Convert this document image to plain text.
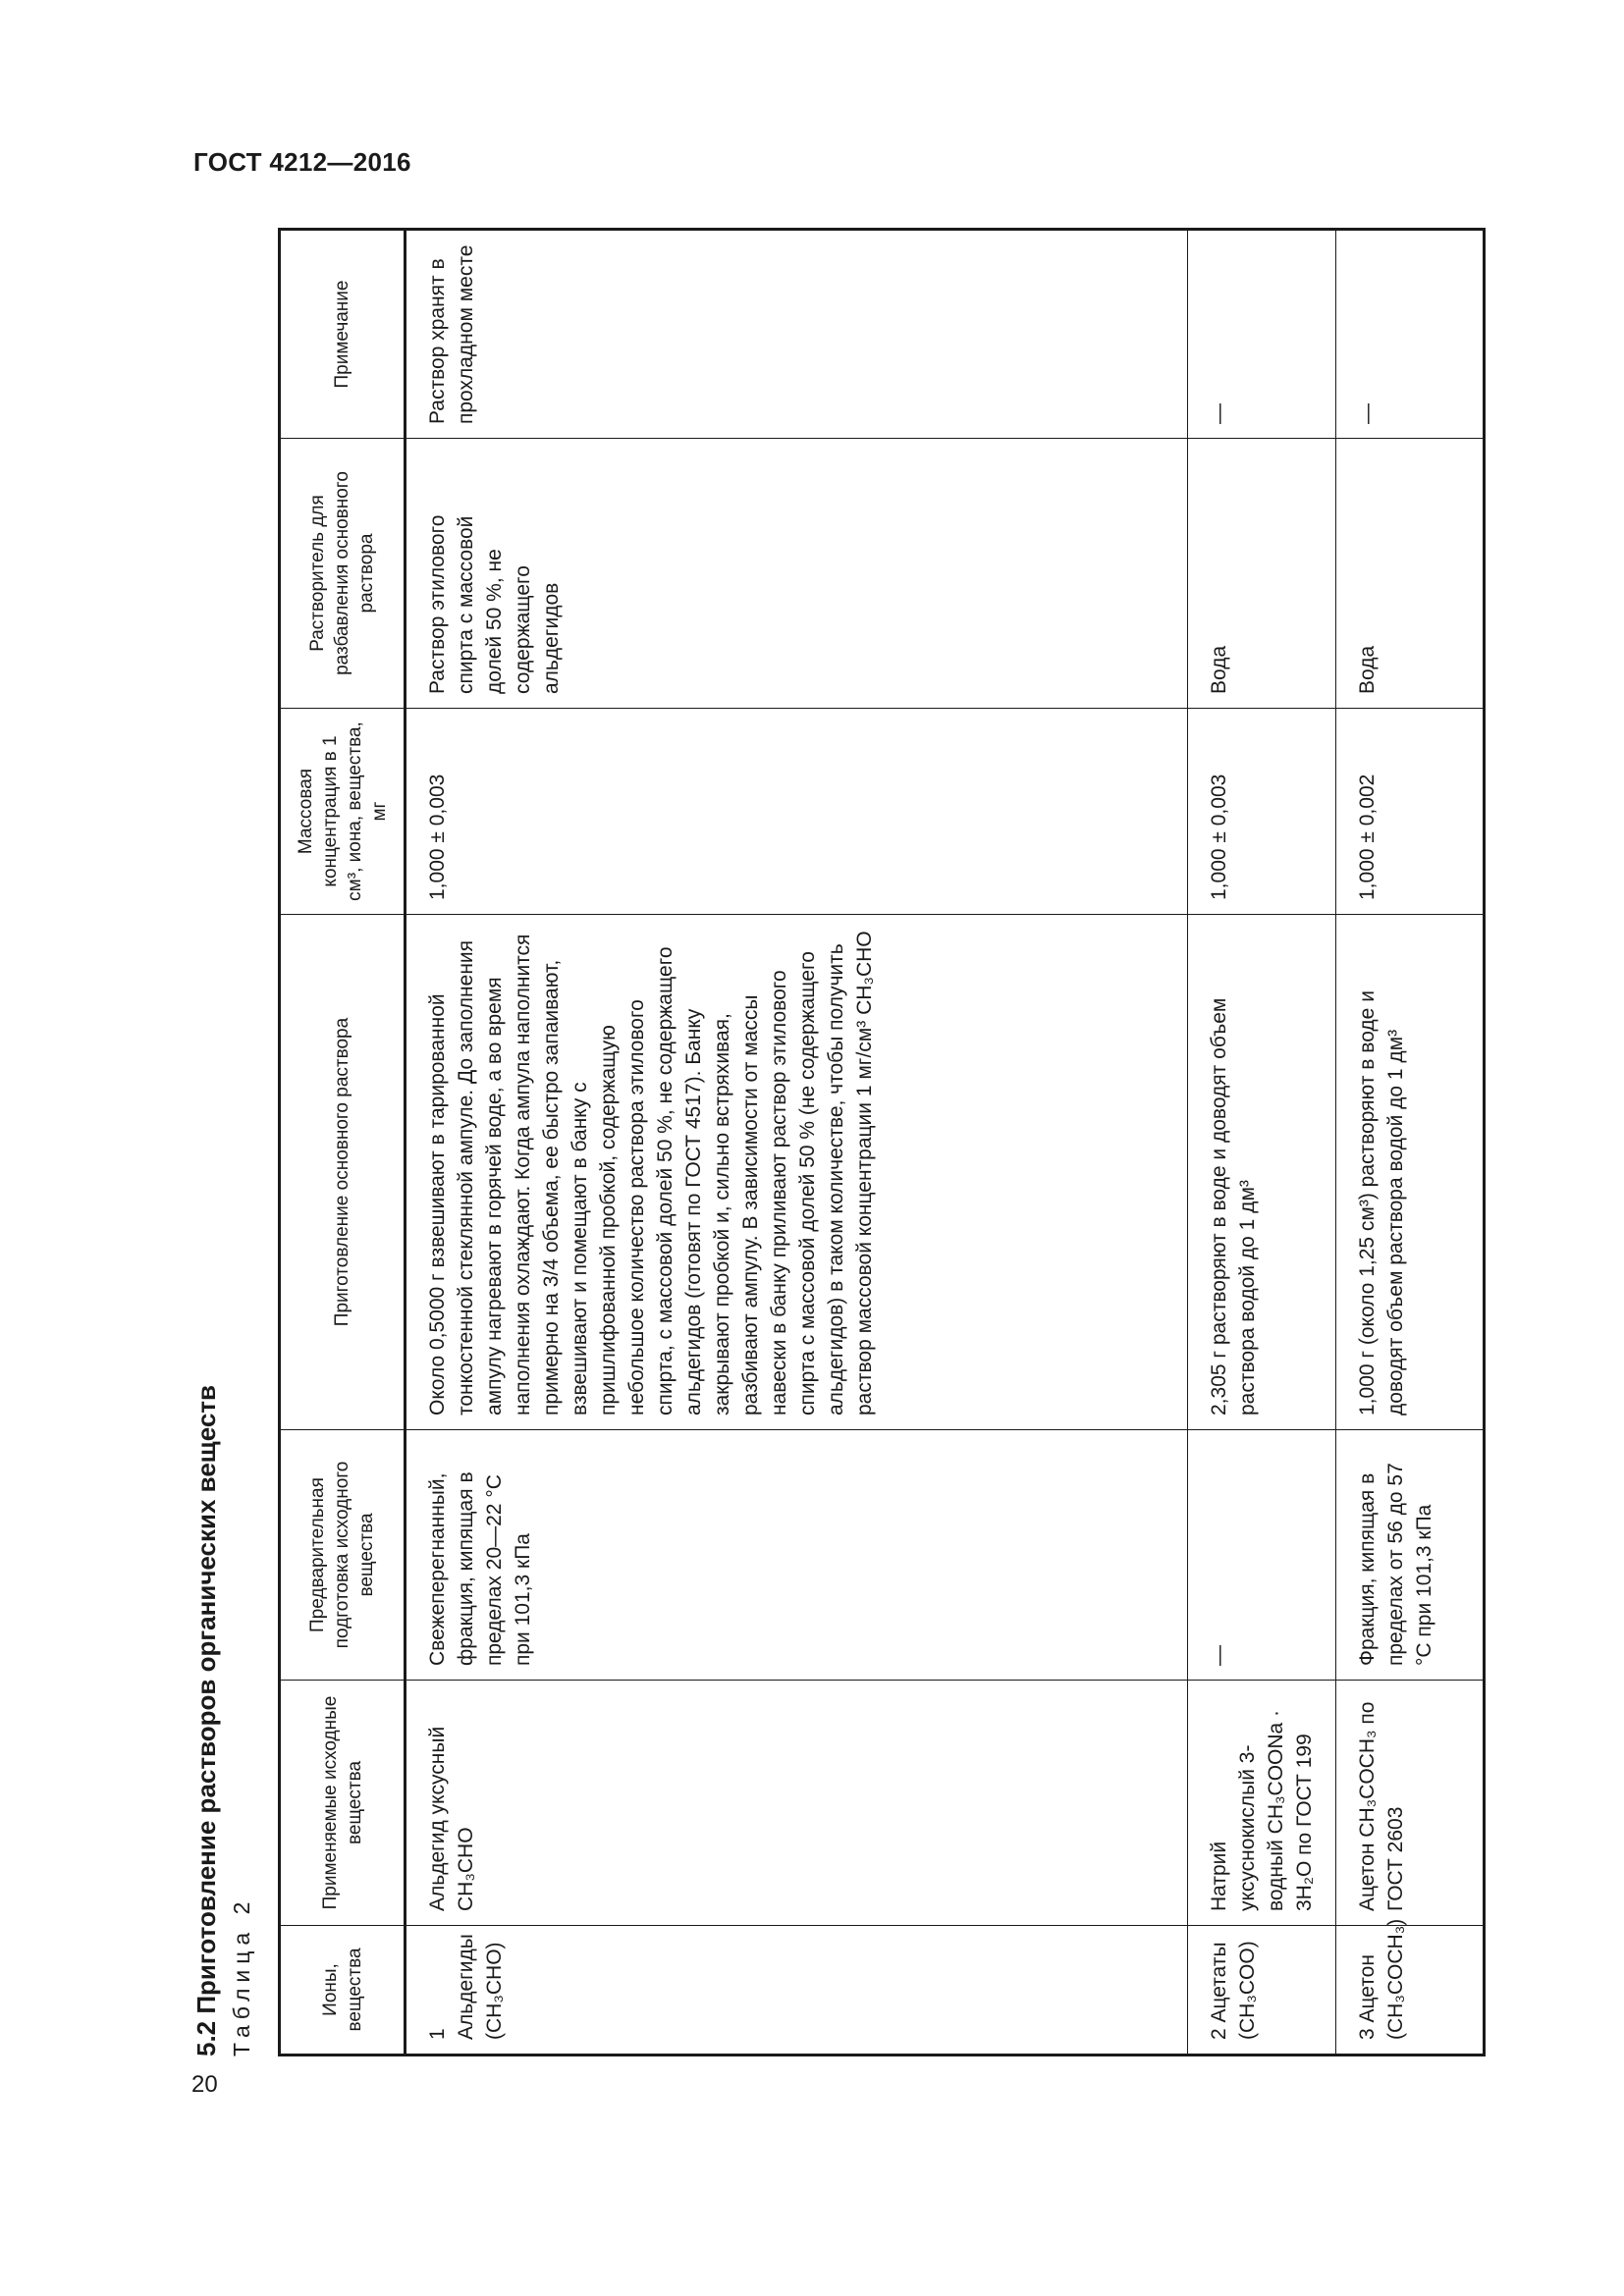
ГОСТ 4212—2016
5.2 Приготовление растворов органических веществ Таблица 2	Ионы, вещества	Применяемые исходные вещества	Предварительная подготовка исходного вещества	Приготовление основного раствора	Массовая концентрация в 1 см³, иона, вещества, мг	Растворитель для разбавления основного раствора	Примечание
1 Альдегиды (CH₃CHO)	Альдегид уксусный CH₃CHO	Свежеперегнанный, фракция, кипящая в пределах 20—22 °С при 101,3 кПа	Около 0,5000 г взвешивают в тарированной тонкостенной стеклянной ампуле. До заполнения ампулу нагревают в горячей воде, а во время наполнения охлаждают. Когда ампула наполнится примерно на 3/4 объема, ее быстро запаивают, взвешивают и помещают в банку с пришлифованной пробкой, содержащую небольшое количество раствора этилового спирта, с массовой долей 50 %, не содержащего альдегидов (готовят по ГОСТ 4517). Банку закрывают пробкой и, сильно встряхивая, разбивают ампулу. В зависимости от массы навески в банку приливают раствор этилового спирта с массовой долей 50 % (не содержащего альдегидов) в таком количестве, чтобы получить раствор массовой концентрации 1 мг/см³ CH₃CHO	1,000 ± 0,003	Раствор этилового спирта с массовой долей 50 %, не содержащего альдегидов	Раствор хранят в прохладном месте
2 Ацетаты (CH₃COO)	Натрий уксуснокислый 3-водный CH₃COONa · 3H₂O по ГОСТ 199	—	2,305 г растворяют в воде и доводят объем раствора водой до 1 дм³	1,000 ± 0,003	Вода	—
3 Ацетон (CH₃COCH₃)	Ацетон CH₃COCH₃ по ГОСТ 2603	Фракция, кипящая в пределах от 56 до 57 °С при 101,3 кПа	1,000 г (около 1,25 см³) растворяют в воде и доводят объем раствора водой до 1 дм³	1,000 ± 0,002	Вода	—
20
